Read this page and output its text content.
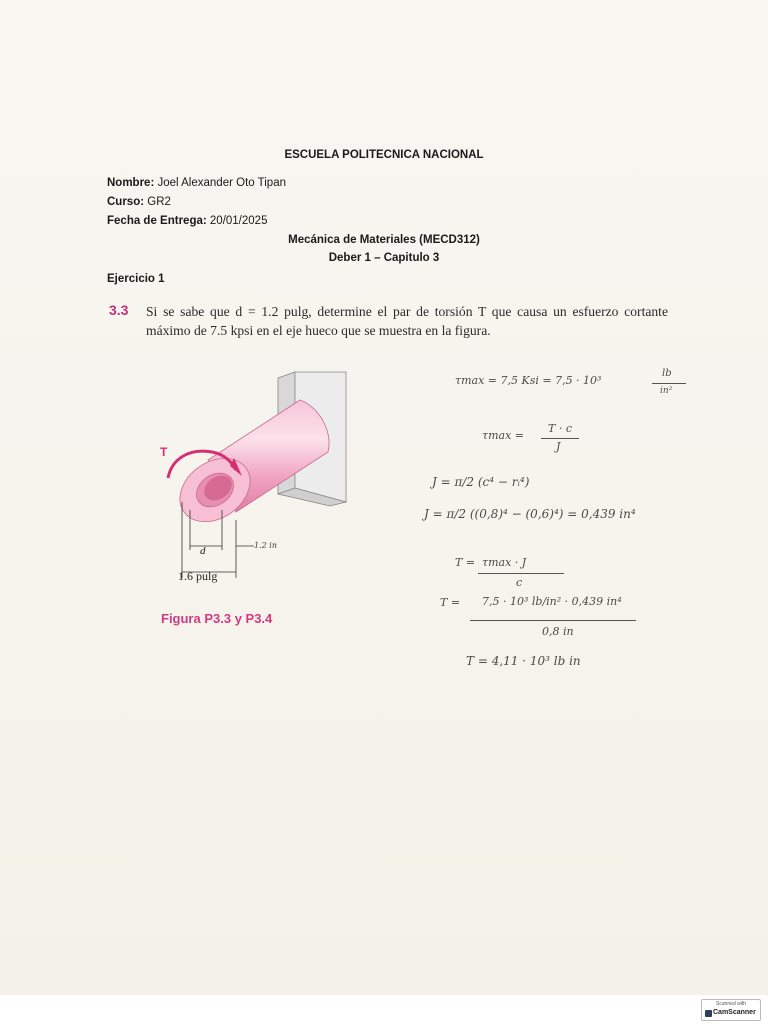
ESCUELA POLITECNICA NACIONAL
Nombre: Joel Alexander Oto Tipan
Curso: GR2
Fecha de Entrega: 20/01/2025
Mecánica de Materiales (MECD312)
Deber 1 – Capitulo 3
Ejercicio 1
3.3 Si se sabe que d = 1.2 pulg, determine el par de torsión T que causa un esfuerzo cortante máximo de 7.5 kpsi en el eje hueco que se muestra en la figura.
T
d	1.2 in
1.6 pulg
Figura P3.3 y P3.4
τmax = 7,5 Ksi = 7,5 · 10³
lb
in²
τmax =
T · c
J
J = π/2 (c⁴ − rᵢ⁴)
J = π/2 ((0,8)⁴ − (0,6)⁴) = 0,439 in⁴
T = τmax · J
c
T = 7,5 · 10³ lb/in² · 0,439 in⁴
0,8 in
T = 4,11 · 10³ lb in
Scanned with
CamScanner
